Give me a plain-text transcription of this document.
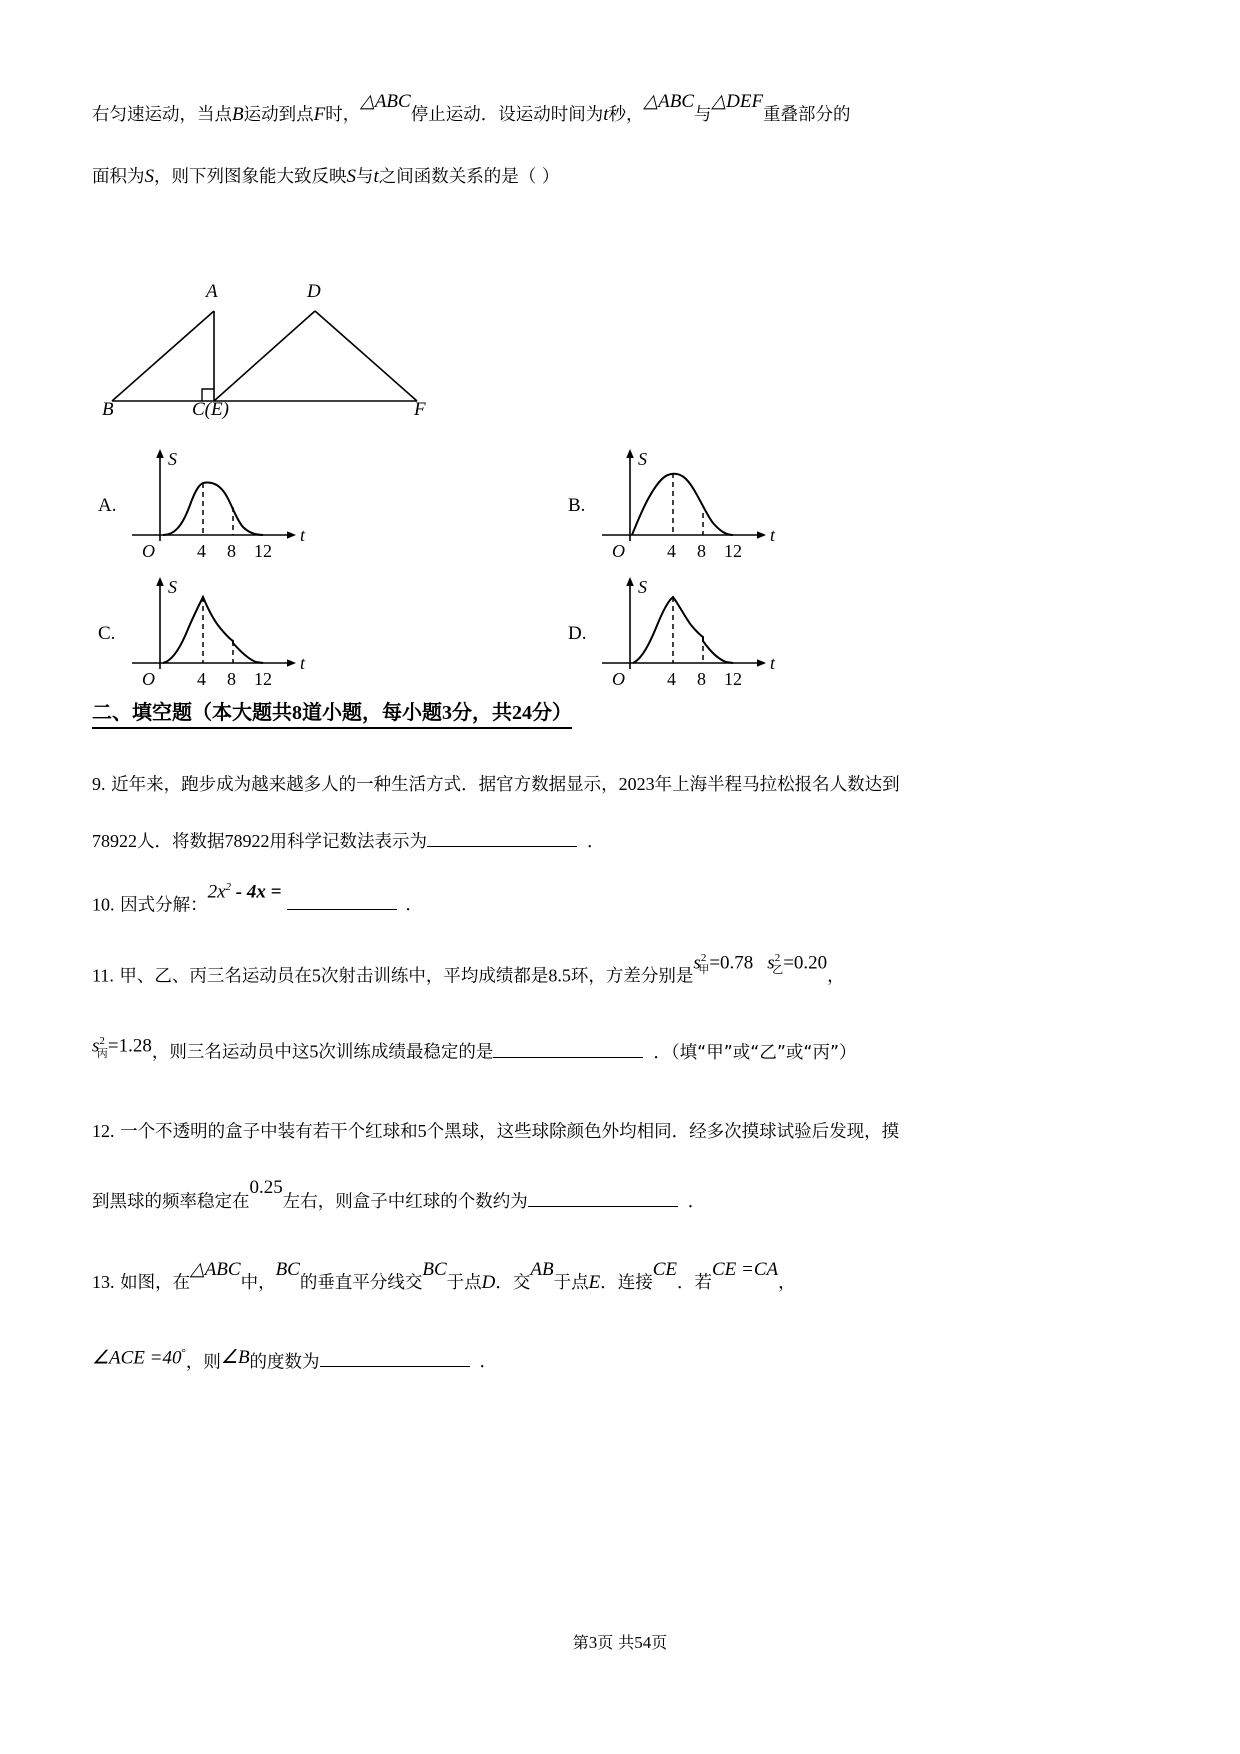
右匀速运动，当点B运动到点F时，△ABC停止运动．设运动时间为t秒，△ABC与△DEF重叠部分的
面积为S，则下列图象能大致反映S与t之间函数关系的是（ ）
A	D
B	C(E)	F
A.
S
t
O 4 8 12
B.
S
t
O 4 8 12
C.
S
t
O 4 8 12
D.
S
t
O 4 8 12
二、填空题（本大题共8道小题，每小题3分，共24分）
9. 近年来，跑步成为越来越多人的一种生活方式．据官方数据显示，2023年上海半程马拉松报名人数达到
78922人．将数据78922用科学记数法表示为	．
10. 因式分解：$2x^2 - 4x$ =．
11. 甲、乙、丙三名运动员在5次射击训练中，平均成绩都是8.5环，方差分别是$s^2_甲=0.78$ $s^2_乙=0.20$，
$s^2_丙=1.28$，则三名运动员中这5次训练成绩最稳定的是	．（填“甲”或“乙”或“丙”）
12. 一个不透明的盒子中装有若干个红球和5个黑球，这些球除颜色外均相同．经多次摸球试验后发现，摸
到黑球的频率稳定在0.25左右，则盒子中红球的个数约为	．
13. 如图，在△ABC中，BC的垂直平分线交BC于点D．交AB于点E．连接CE．若CE =CA，
∠ACE =40°，则∠B的度数为	．
第3页 共54页
